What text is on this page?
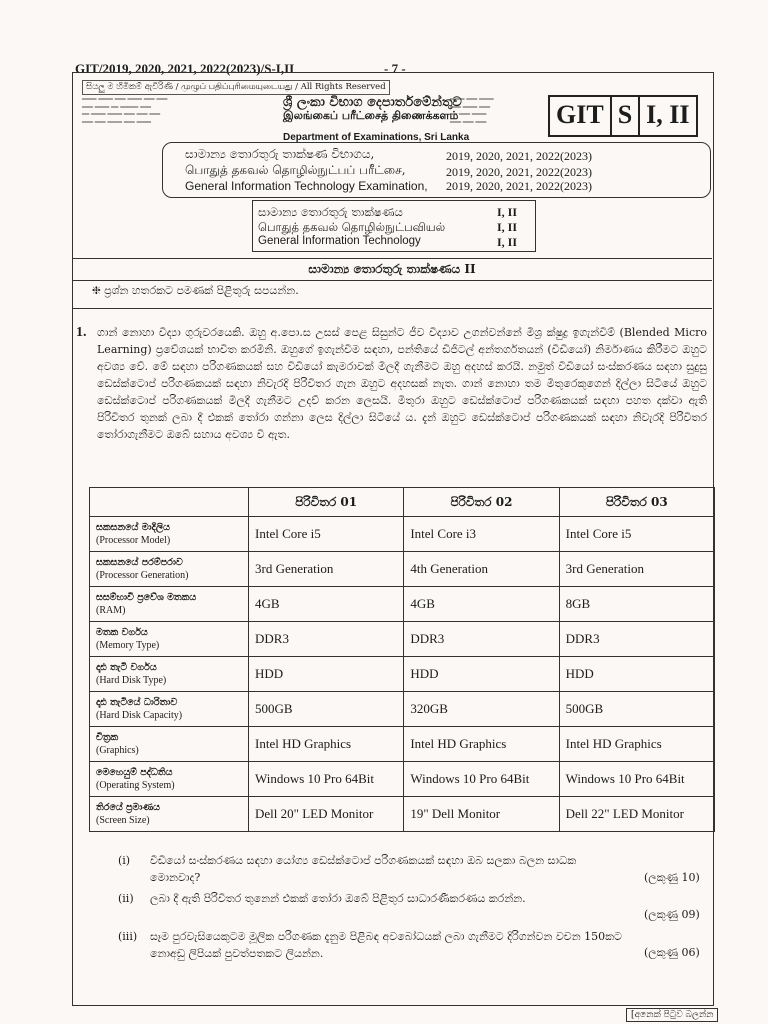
GIT/2019, 2020, 2021, 2022(2023)/S-I,II	- 7 -
සියලු ම හිමිකම් ඇවිරිණි / முழுப் பதிப்புரிமையுடையது / All Rights Reserved
════ ════ ═══ ════ ═══ ═══
═══ ════ ══ ═════ ═══
══ ════ ════ ═══ ═══ ═══
═══ ═══ ════ ═══ ════
════ ═══ ════
═══ ════ ═══
══ ═══ ════
═══ ═══ ═══
ශ්‍රී ලංකා විභාග දෙපාර්තමේන්තුව
இலங்கைப் பரீட்சைத் திணைக்களம்
Department of Examinations, Sri Lanka
GIT S I, II
සාමාන්‍ය තොරතුරු තාක්ෂණ විභාගය,	2019, 2020, 2021, 2022(2023)
பொதுத் தகவல் தொழில்நுட்பப் பரீட்சை,	2019, 2020, 2021, 2022(2023)
General Information Technology Examination, 2019, 2020, 2021, 2022(2023)
සාමාන්‍ය තොරතුරු තාක්ෂණය	I, II
பொதுத் தகவல் தொழில்நுட்பவியல்	I, II
General Information Technology	I, II
සාමාන්‍ය තොරතුරු තාක්ෂණය II
❈ ප්‍රශ්න හතරකට පමණක් පිළිතුරු සපයන්න.
1. ගාන් නොහා විද්‍යා ගුරුවරයෙකි. ඔහු අ.පො.ස උසස් පෙළ සිසුන්ට ජීව විද්‍යාව උගන්වන්නේ මිශ්‍ර ක්ෂුද්‍ර ඉගැන්වීම් (Blended Micro Learning) ප්‍රවේශයක් භාවිත කරමිනි. ඔහුගේ ඉගැන්වීම සඳහා, පන්තියේ ඩිජිටල් අන්තර්ගතයන් (වීඩියෝ) නිර්මාණය කිරීමට ඔහුට අවශ්‍ය වේ. මේ සඳහා පරිගණකයක් සහ වීඩියෝ කැමරාවක් මිලදී ගැනීමට ඔහු අදහස් කරයි. නමුත් වීඩියෝ සංස්කරණය සඳහා සුදුසු ඩෙස්ක්ටොප් පරිගණකයක් සඳහා නිවැරදි පිරිවිතර ගැන ඔහුට අදහසක් නැත. ගාන් නොහා තම මිතුරෙකුගෙන් දිල්ලා සිටියේ ඔහුට ඩෙස්ක්ටොප් පරිගණකයක් මිලදී ගැනීමට උදව් කරන ලෙසයි. මිතුරා ඔහුට ඩෙස්ක්ටොප් පරිගණකයක් සඳහා පහත දක්වා ඇති පිරිවිතර තුනක් ලබා දී එකක් තෝරා ගන්නා ලෙස දිල්ලා සිටියේ ය. දැන් ඔහුට ඩෙස්ක්ටොප් පරිගණකයක් සඳහා නිවැරදි පිරිවිතර තෝරාගැනීමට ඔබේ සහාය අවශ්‍ය වී ඇත.
	පිරිවිතර 01	පිරිවිතර 02	පිරිවිතර 03

සකසනයේ මාදිලිය
(Processor Model)	Intel Core i5	Intel Core i3	Intel Core i5

සකසනයේ පරම්පරාව
(Processor Generation)	3rd Generation	4th Generation	3rd Generation

සසම්භාවී ප්‍රවේශ මතකය
(RAM)	4GB	4GB	8GB

මතක වර්ගය
(Memory Type)	DDR3	DDR3	DDR3

දෘඪ තැටි වර්ගය
(Hard Disk Type)	HDD	HDD	HDD

දෘඪ තැටියේ ධාරිතාව
(Hard Disk Capacity)	500GB	320GB	500GB

චිත්‍රක
(Graphics)	Intel HD Graphics	Intel HD Graphics	Intel HD Graphics

මෙහෙයුම් පද්ධතිය
(Operating System)	Windows 10 Pro 64Bit	Windows 10 Pro 64Bit	Windows 10 Pro 64Bit

තිරයේ ප්‍රමාණය
(Screen Size)	Dell 20" LED Monitor	19" Dell Monitor	Dell 22" LED Monitor
(i)	වීඩියෝ සංස්කරණය සඳහා යෝග්‍ය ඩෙස්ක්ටොප් පරිගණකයක් සඳහා ඔබ සලකා බලන සාධක මොනවාද?	(ලකුණු 10)
(ii)	ලබා දී ඇති පිරිවිතර තුනෙන් එකක් තෝරා ඔබේ පිළිතුර සාධාරණීකරණය කරන්න.
(ලකුණු 09)
(iii)	සෑම පුරවැසියෙකුටම මූලික පරිගණක දැනුම පිළිබඳ අවබෝධයක් ලබා ගැනීමට දිරිගන්වන වචන 150කට නොඅඩු ලිපියක් පුවත්පතකට ලියන්න.	(ලකුණු 06)
[අනෙක් පිටුව බලන්න
